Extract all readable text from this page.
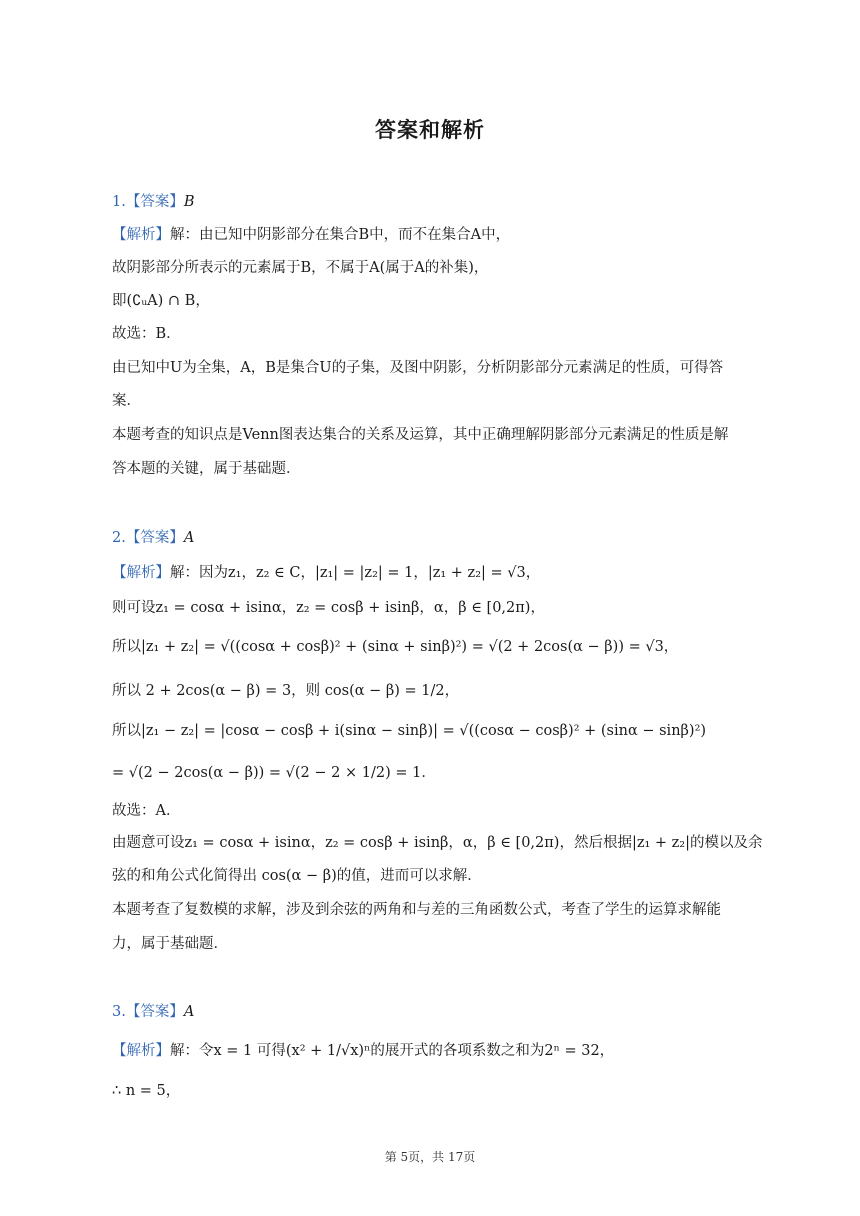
答案和解析
1.【答案】B
【解析】解：由已知中阴影部分在集合B中，而不在集合A中，
故阴影部分所表示的元素属于B，不属于A(属于A的补集)，
即(∁ᵤA) ∩ B，
故选：B．
由已知中U为全集，A，B是集合U的子集，及图中阴影，分析阴影部分元素满足的性质，可得答
案．
本题考查的知识点是Venn图表达集合的关系及运算，其中正确理解阴影部分元素满足的性质是解
答本题的关键，属于基础题．
2.【答案】A
【解析】解：因为z₁，z₂ ∈ C，|z₁| = |z₂| = 1，|z₁ + z₂| = √3，
则可设z₁ = cosα + isinα，z₂ = cosβ + isinβ，α，β ∈ [0,2π)，
所以|z₁ + z₂| = √((cosα + cosβ)² + (sinα + sinβ)²) = √(2 + 2cos(α − β)) = √3，
所以 2 + 2cos(α − β) = 3，则 cos(α − β) = 1/2，
所以|z₁ − z₂| = |cosα − cosβ + i(sinα − sinβ)| = √((cosα − cosβ)² + (sinα − sinβ)²)
= √(2 − 2cos(α − β)) = √(2 − 2 × 1/2) = 1．
故选：A．
由题意可设z₁ = cosα + isinα，z₂ = cosβ + isinβ，α，β ∈ [0,2π)，然后根据|z₁ + z₂|的模以及余
弦的和角公式化简得出 cos(α − β)的值，进而可以求解．
本题考查了复数模的求解，涉及到余弦的两角和与差的三角函数公式，考查了学生的运算求解能
力，属于基础题．
3.【答案】A
【解析】解：令x = 1 可得(x² + 1/√x)ⁿ的展开式的各项系数之和为2ⁿ = 32，
∴ n = 5，
第 5页，共 17页
